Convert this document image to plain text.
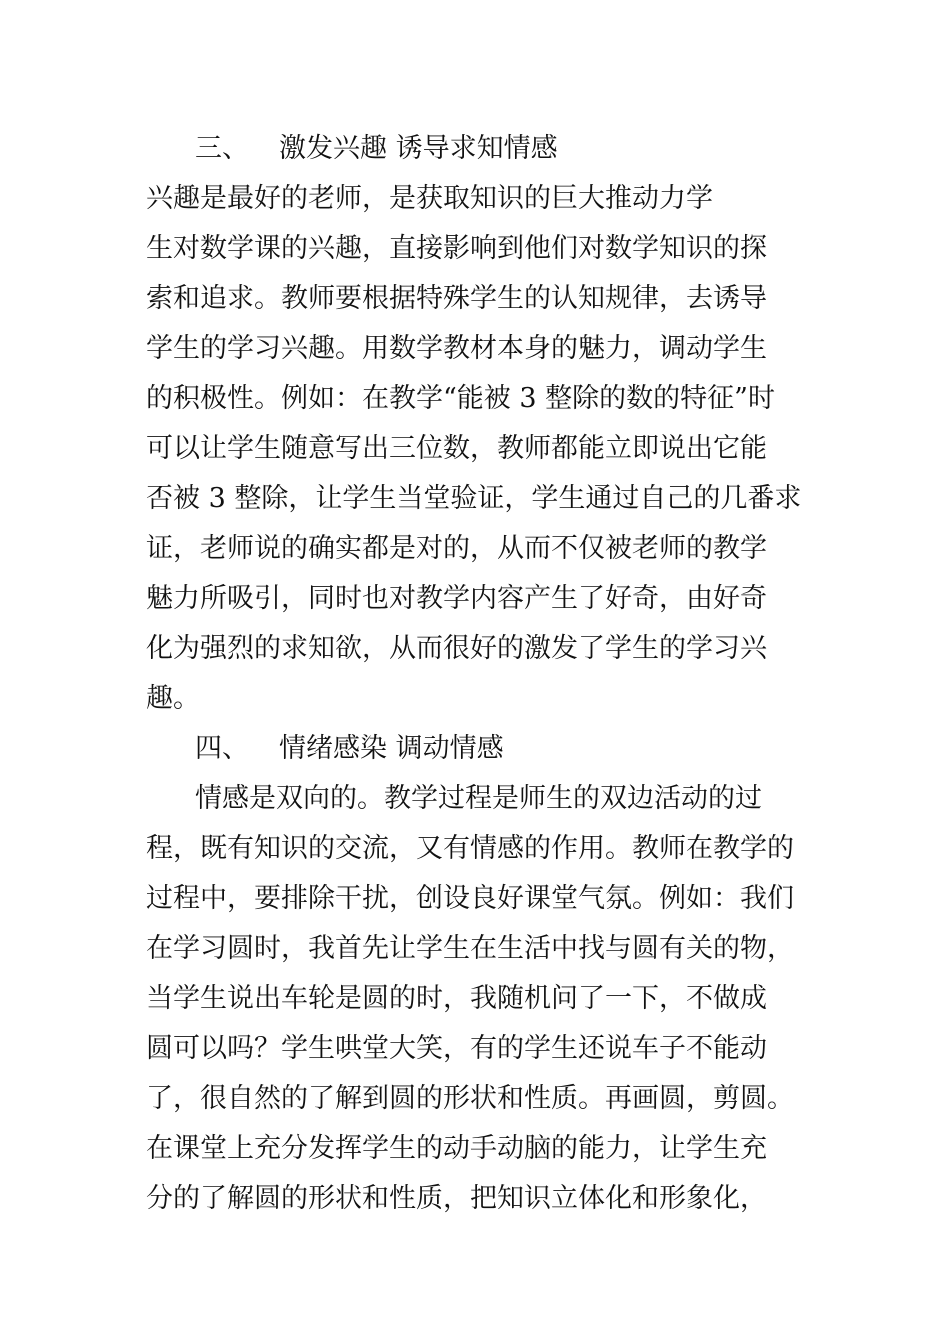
三、 激发兴趣 诱导求知情感
兴趣是最好的老师，是获取知识的巨大推动力学
生对数学课的兴趣，直接影响到他们对数学知识的探
索和追求。教师要根据特殊学生的认知规律，去诱导
学生的学习兴趣。用数学教材本身的魅力，调动学生
的积极性。例如：在教学“能被 3 整除的数的特征”时
可以让学生随意写出三位数，教师都能立即说出它能
否被 3 整除，让学生当堂验证，学生通过自己的几番求
证，老师说的确实都是对的，从而不仅被老师的教学
魅力所吸引，同时也对教学内容产生了好奇，由好奇
化为强烈的求知欲，从而很好的激发了学生的学习兴
趣。
四、 情绪感染 调动情感
情感是双向的。教学过程是师生的双边活动的过
程，既有知识的交流，又有情感的作用。教师在教学的
过程中，要排除干扰，创设良好课堂气氛。例如：我们
在学习圆时，我首先让学生在生活中找与圆有关的物，
当学生说出车轮是圆的时，我随机问了一下，不做成
圆可以吗？学生哄堂大笑，有的学生还说车子不能动
了，很自然的了解到圆的形状和性质。再画圆，剪圆。
在课堂上充分发挥学生的动手动脑的能力，让学生充
分的了解圆的形状和性质，把知识立体化和形象化，
